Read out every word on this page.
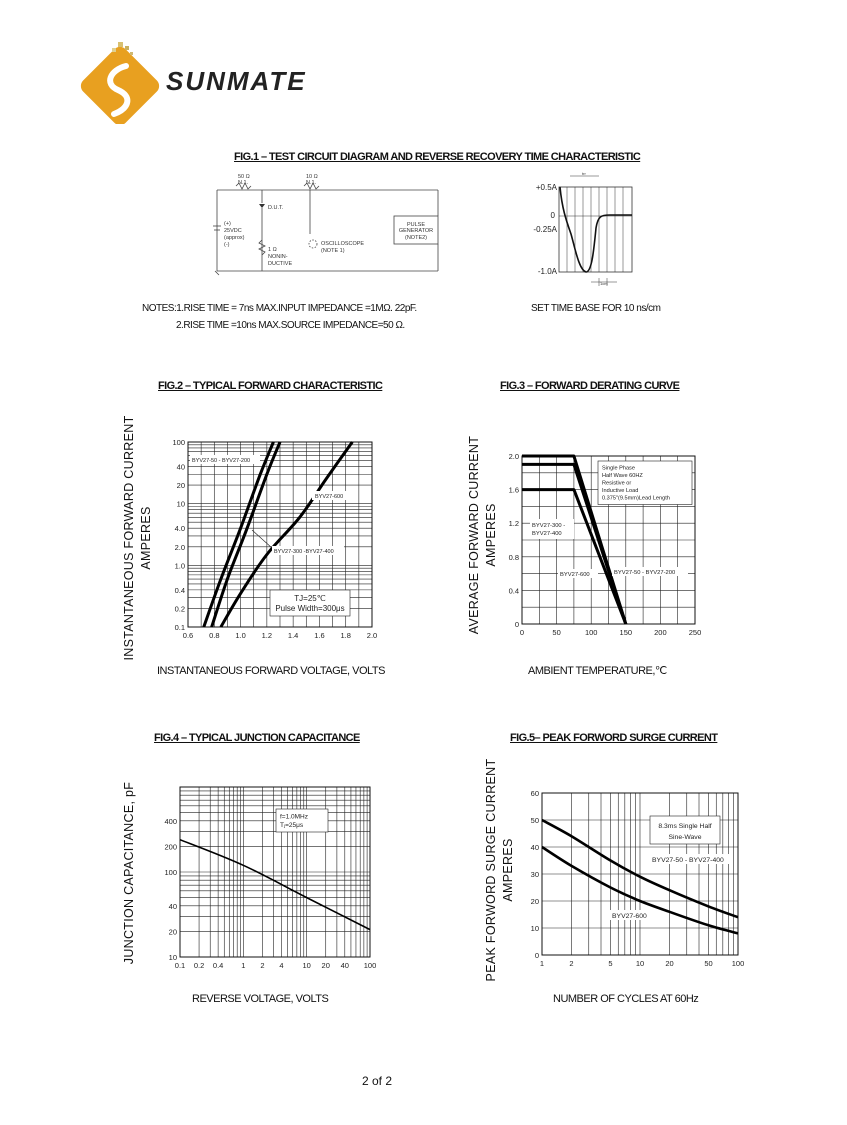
SUNMATE
FIG.1 – TEST CIRCUIT DIAGRAM AND REVERSE RECOVERY TIME CHARACTERISTIC
50 Ω
N.1.
10 Ω
N.1.
D.U.T.
(+)
25VDC
(approx)
(-)
1 Ω
NONIN-
DUCTIVE
OSCILLOSCOPE
(NOTE 1)
PULSE
GENERATOR
(NOTE2)
trr
1cm
+0.5A
0
-0.25A
-1.0A
NOTES:1.RISE TIME = 7ns MAX.INPUT IMPEDANCE =1MΩ. 22pF.
2.RISE TIME =10ns MAX.SOURCE IMPEDANCE=50 Ω.
SET TIME BASE FOR 10 ns/cm
FIG.2 – TYPICAL FORWARD CHARACTERISTIC
INSTANTANEOUS FORWARD CURRENT AMPERES
0.6 0.8 1.0 1.2 1.4 1.6 1.8 2.0
0.1
0.2
0.4
1.0
2.0
4.0
10
20
40
100
BYV27-50 - BYV27-200
BYV27-600
BYV27-300 -BYV27-400
TJ=25℃
Pulse Width=300μs
INSTANTANEOUS FORWARD VOLTAGE, VOLTS
FIG.3 – FORWARD DERATING CURVE
AVERAGE FORWARD CURRENT AMPERES
0	50	100	150	200	250
0
0.4
0.8
1.2
1.6
2.0
Single Phase
Half Wave 60HZ
Resistive or
Inductive Load
0.375"(9.5mm)Lead Length
BYV27-300 -
BYV27-400
BYV27-600	BYV27-50 - BYV27-200
AMBIENT TEMPERATURE,℃
FIG.4 – TYPICAL JUNCTION CAPACITANCE
JUNCTION CAPACITANCE, pF
0.1 0.2 0.4 1 2 4	10 20 40 100
10
20
40
100
200
400	f=1.0MHz
Tⱼ=25μs
REVERSE VOLTAGE, VOLTS
FIG.5– PEAK FORWORD SURGE CURRENT
PEAK FORWORD SURGE CURRENT AMPERES
1	2	5	10	20	50	100
0
10
20
30
40
50
60
8.3ms Single Half
Sine-Wave
BYV27-50 - BYV27-400
BYV27-600
NUMBER OF CYCLES AT 60Hz
2 of 2
